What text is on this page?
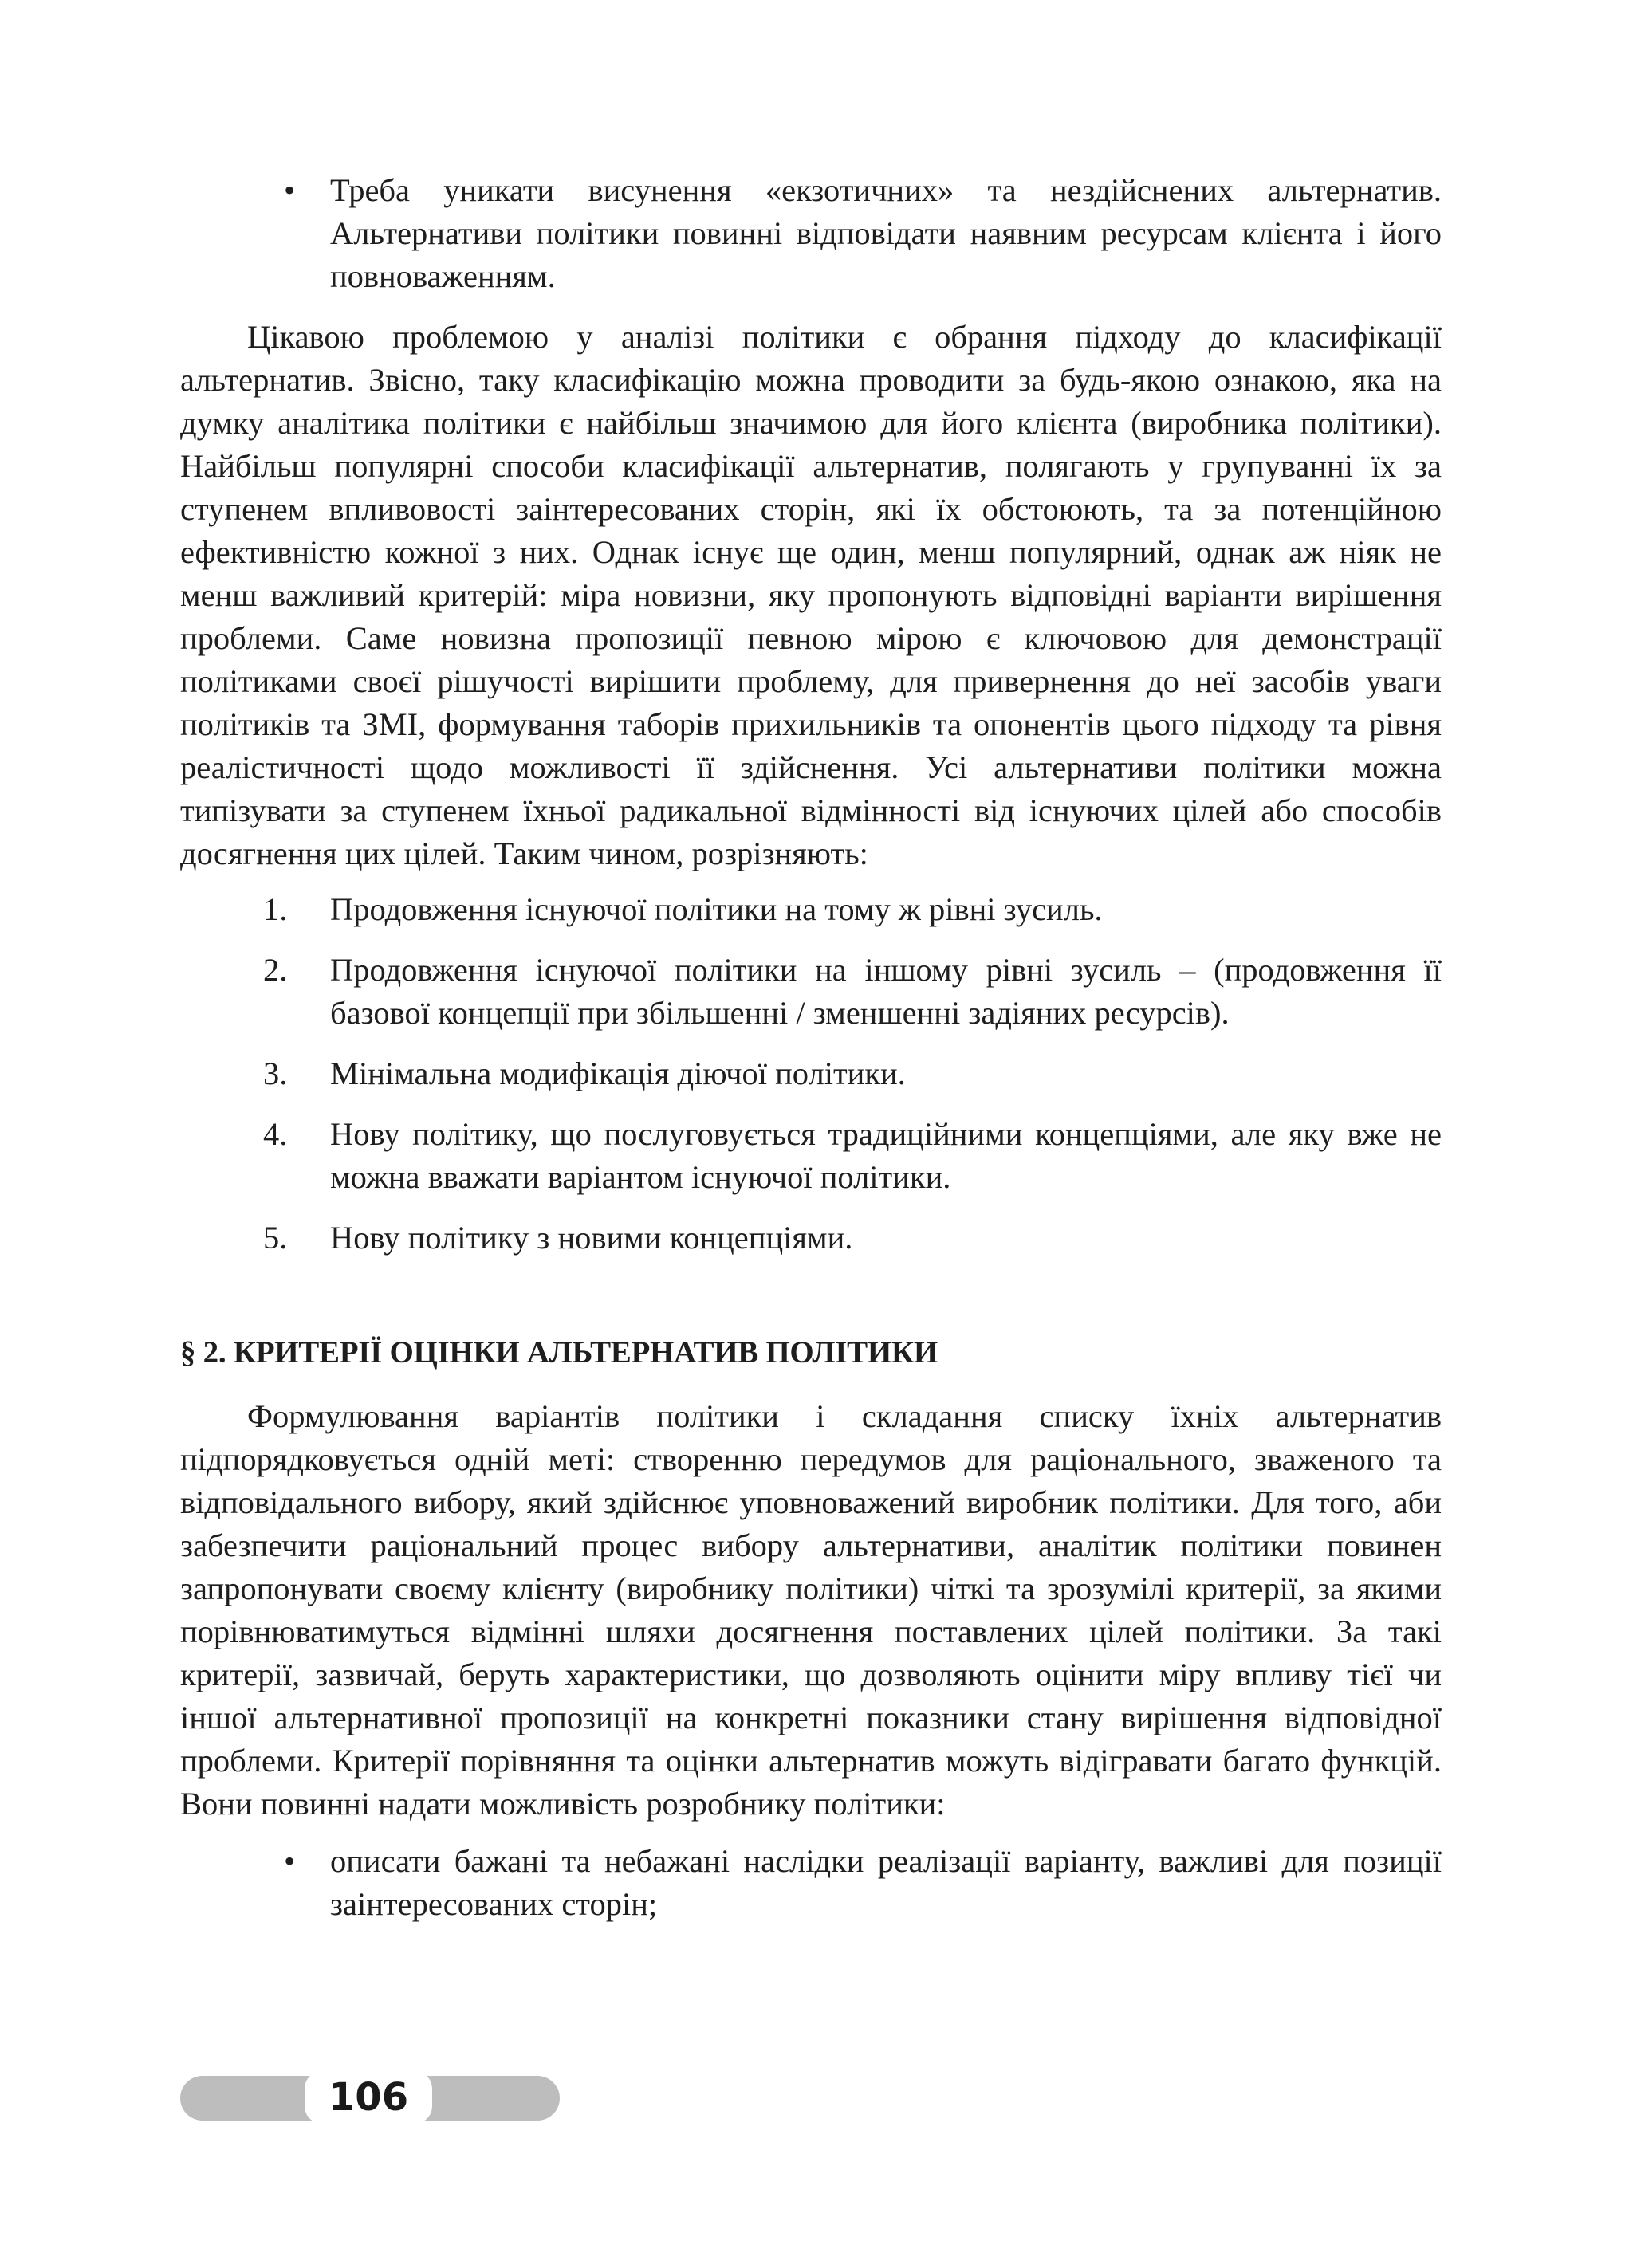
• Треба уникати висунення «екзотичних» та нездійснених альтернатив. Альтернативи політики повинні відповідати наявним ресурсам клієнта і його повноваженням.
Цікавою проблемою у аналізі політики є обрання підходу до класифікації альтернатив. Звісно, таку класифікацію можна проводити за будь-якою ознакою, яка на думку аналітика політики є найбільш значимою для його клієнта (виробника політики). Найбільш популярні способи класифікації альтернатив, полягають у групуванні їх за ступенем впливовості заінтересованих сторін, які їх обстоюють, та за потенційною ефективністю кожної з них. Однак існує ще один, менш популярний, однак аж ніяк не менш важливий критерій: міра новизни, яку пропонують відповідні варіанти вирішення проблеми. Саме новизна пропозиції певною мірою є ключовою для демонстрації політиками своєї рішучості вирішити проблему, для привернення до неї засобів уваги політиків та ЗМІ, формування таборів прихильників та опонентів цього підходу та рівня реалістичності щодо можливості її здійснення. Усі альтернативи політики можна типізувати за ступенем їхньої радикальної відмінності від існуючих цілей або способів досягнення цих цілей. Таким чином, розрізняють:
1. Продовження існуючої політики на тому ж рівні зусиль.
2. Продовження існуючої політики на іншому рівні зусиль – (продовження її базової концепції при збільшенні / зменшенні задіяних ресурсів).
3. Мінімальна модифікація діючої політики.
4. Нову політику, що послуговується традиційними концепціями, але яку вже не можна вважати варіантом існуючої політики.
5. Нову політику з новими концепціями.
§ 2. КРИТЕРІЇ ОЦІНКИ АЛЬТЕРНАТИВ ПОЛІТИКИ
Формулювання варіантів політики і складання списку їхніх альтернатив підпорядковується одній меті: створенню передумов для раціонального, зваженого та відповідального вибору, який здійснює уповноважений виробник політики. Для того, аби забезпечити раціональний процес вибору альтернативи, аналітик політики повинен запропонувати своєму клієнту (виробнику політики) чіткі та зрозумілі критерії, за якими порівнюватимуться відмінні шляхи досягнення поставлених цілей політики. За такі критерії, зазвичай, беруть характеристики, що дозволяють оцінити міру впливу тієї чи іншої альтернативної пропозиції на конкретні показники стану вирішення відповідної проблеми. Критерії порівняння та оцінки альтернатив можуть відігравати багато функцій. Вони повинні надати можливість розробнику політики:
• описати бажані та небажані наслідки реалізації варіанту, важливі для позиції заінтересованих сторін;
106
